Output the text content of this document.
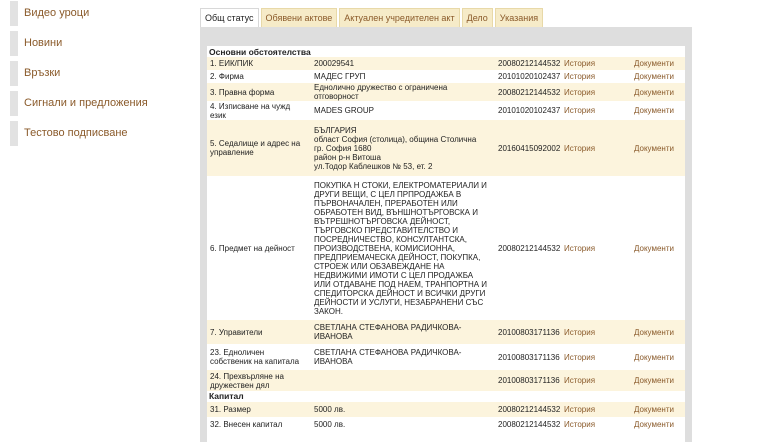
Видео уроци
Новини
Връзки
Сигнали и предложения
Тестово подписване
Общ статус	Обявени актове	Актуален учредителен акт	Дело	Указания
Основни обстоятелства
1. ЕИК/ПИК	200029541	20080212144532	История	Документи
2. Фирма	МАДЕС ГРУП	20101020102437	История	Документи
3. Правна форма	Еднолично дружество с ограничена отговорност	20080212144532	История	Документи
4. Изписване на чужд език	MADES GROUP	20101020102437	История	Документи
5. Седалище и адрес на управление	БЪЛГАРИЯ
област София (столица), община Столична
гр. София 1680
район р-н Витоша
ул.Тодор Каблешков № 53, ет. 2	20160415092002	История	Документи
6. Предмет на дейност	ПОКУПКА Н СТОКИ, ЕЛЕКТРОМАТЕРИАЛИ И ДРУГИ ВЕЩИ, С ЦЕЛ ПРПРОДАЖБА В ПЪРВОНАЧАЛЕН, ПРЕРАБОТЕН ИЛИ ОБРАБОТЕН ВИД, ВЪНШНОТЪРГОВСКА И ВЪТРЕШНОТЪРГОВСКА ДЕЙНОСТ, ТЪРГОВСКО ПРЕДСТАВИТЕЛСТВО И ПОСРЕДНИЧЕСТВО, КОНСУЛТАНТСКА, ПРОИЗВОДСТВЕНА, КОМИСИОННА, ПРЕДПРИЕМАЧЕСКА ДЕЙНОСТ, ПОКУПКА, СТРОЕЖ ИЛИ ОБЗАВЕЖДАНЕ НА НЕДВИЖИМИ ИМОТИ С ЦЕЛ ПРОДАЖБА ИЛИ ОТДАВАНЕ ПОД НАЕМ, ТРАНПОРТНА И СПЕДИТОРСКА ДЕЙНОСТ И ВСИЧКИ ДРУГИ ДЕЙНОСТИ И УСЛУГИ, НЕЗАБРАНЕНИ СЪС ЗАКОН.	20080212144532	История	Документи
7. Управители	СВЕТЛАНА СТЕФАНОВА РАДИЧКОВА-ИВАНОВА	20100803171136	История	Документи
23. Едноличен собственик на капитала	СВЕТЛАНА СТЕФАНОВА РАДИЧКОВА-ИВАНОВА	20100803171136	История	Документи
24. Прехвърляне на дружествен дял		20100803171136	История	Документи
Капитал
31. Размер	5000 лв.	20080212144532	История	Документи
32. Внесен капитал	5000 лв.	20080212144532	История	Документи
